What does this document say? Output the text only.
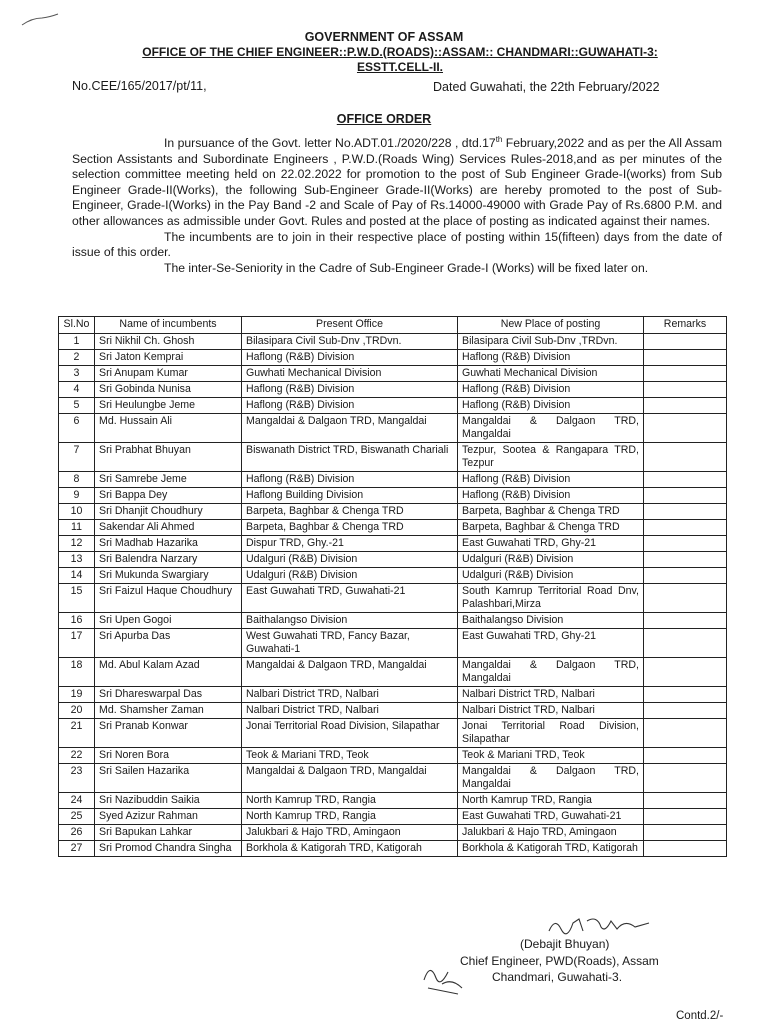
GOVERNMENT OF ASSAM
OFFICE OF THE CHIEF ENGINEER::P.W.D.(ROADS)::ASSAM:: CHANDMARI::GUWAHATI-3:
ESSTT.CELL-II.
No.CEE/165/2017/pt/11,	Dated Guwahati, the 22th February/2022
OFFICE ORDER

In pursuance of the Govt. letter No.ADT.01./2020/228 , dtd.17th February,2022 and as per the All Assam Section Assistants and Subordinate Engineers , P.W.D.(Roads Wing) Services Rules-2018,and as per minutes of the selection committee meeting held on 22.02.2022 for promotion to the post of Sub Engineer Grade-I(works) from Sub Engineer Grade-II(Works), the following Sub-Engineer Grade-II(Works) are hereby promoted to the post of Sub-Engineer, Grade-I(Works) in the Pay Band -2 and Scale of Pay of Rs.14000-49000 with Grade Pay of Rs.6800 P.M. and other allowances as admissible under Govt. Rules and posted at the place of posting as indicated against their names.

The incumbents are to join in their respective place of posting within 15(fifteen) days from the date of issue of this order.

The inter-Se-Seniority in the Cadre of Sub-Engineer Grade-I (Works) will be fixed later on.

Sl.No	Name of incumbents	Present Office	New Place of posting	Remarks
1	Sri Nikhil Ch. Ghosh	Bilasipara Civil Sub-Dnv ,TRDvn.	Bilasipara Civil Sub-Dnv ,TRDvn.	
2	Sri Jaton Kemprai	Haflong (R&B) Division	Haflong (R&B) Division	
3	Sri Anupam Kumar	Guwhati Mechanical Division	Guwhati Mechanical Division	
4	Sri Gobinda Nunisa	Haflong (R&B) Division	Haflong (R&B) Division	
5	Sri Heulungbe Jeme	Haflong (R&B) Division	Haflong (R&B) Division	
6	Md. Hussain Ali	Mangaldai & Dalgaon TRD, Mangaldai	Mangaldai & Dalgaon TRD, Mangaldai	
7	Sri Prabhat Bhuyan	Biswanath District TRD, Biswanath Chariali	Tezpur, Sootea & Rangapara TRD, Tezpur	
8	Sri Samrebe Jeme	Haflong (R&B) Division	Haflong (R&B) Division	
9	Sri Bappa Dey	Haflong Building Division	Haflong (R&B) Division	
10	Sri Dhanjit Choudhury	Barpeta, Baghbar & Chenga TRD	Barpeta, Baghbar & Chenga TRD	
11	Sakendar Ali Ahmed	Barpeta, Baghbar & Chenga TRD	Barpeta, Baghbar & Chenga TRD	
12	Sri Madhab Hazarika	Dispur TRD, Ghy.-21	East Guwahati TRD, Ghy-21	
13	Sri Balendra Narzary	Udalguri (R&B) Division	Udalguri (R&B) Division	
14	Sri Mukunda Swargiary	Udalguri (R&B) Division	Udalguri (R&B) Division	
15	Sri Faizul Haque Choudhury	East Guwahati TRD, Guwahati-21	South Kamrup Territorial Road Dnv, Palashbari,Mirza	
16	Sri Upen Gogoi	Baithalangso Division	Baithalangso Division	
17	Sri Apurba Das	West Guwahati TRD, Fancy Bazar, Guwahati-1	East Guwahati TRD, Ghy-21	
18	Md. Abul Kalam Azad	Mangaldai & Dalgaon TRD, Mangaldai	Mangaldai & Dalgaon TRD, Mangaldai	
19	Sri Dhareswarpal Das	Nalbari District TRD, Nalbari	Nalbari District TRD, Nalbari	
20	Md. Shamsher Zaman	Nalbari District TRD, Nalbari	Nalbari District TRD, Nalbari	
21	Sri Pranab Konwar	Jonai Territorial Road Division, Silapathar	Jonai Territorial Road Division, Silapathar	
22	Sri Noren Bora	Teok & Mariani TRD, Teok	Teok & Mariani TRD, Teok	
23	Sri Sailen Hazarika	Mangaldai & Dalgaon TRD, Mangaldai	Mangaldai & Dalgaon TRD, Mangaldai	
24	Sri Nazibuddin Saikia	North Kamrup TRD, Rangia	North Kamrup TRD, Rangia	
25	Syed Azizur Rahman	North Kamrup TRD, Rangia	East Guwahati TRD, Guwahati-21	
26	Sri Bapukan Lahkar	Jalukbari & Hajo TRD, Amingaon	Jalukbari & Hajo TRD, Amingaon	
27	Sri Promod Chandra Singha	Borkhola & Katigorah TRD, Katigorah	Borkhola & Katigorah TRD, Katigorah	
(Debajit Bhuyan)
Chief Engineer, PWD(Roads), Assam
Chandmari, Guwahati-3.
Contd.2/-
